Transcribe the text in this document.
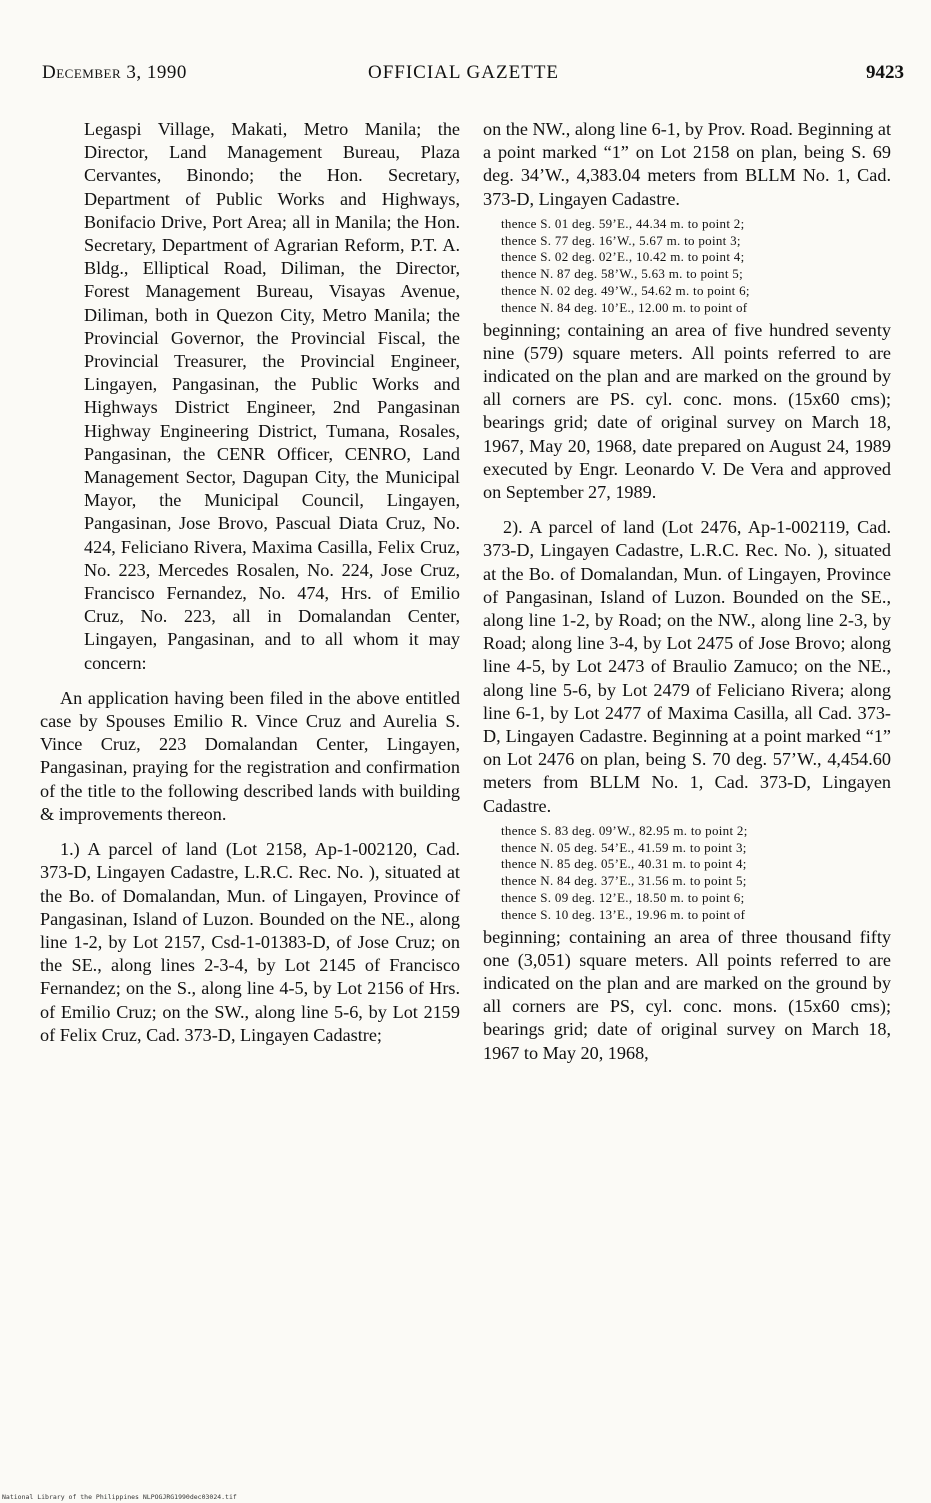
December 3, 1990	OFFICIAL GAZETTE	9423

Legaspi Village, Makati, Metro Manila; the Director, Land Management Bureau, Plaza Cervantes, Binondo; the Hon. Secretary, Department of Public Works and Highways, Bonifacio Drive, Port Area; all in Manila; the Hon. Secretary, Department of Agrarian Reform, P.T. A. Bldg., Elliptical Road, Diliman, the Director, Forest Management Bureau, Visayas Avenue, Diliman, both in Quezon City, Metro Manila; the Provincial Governor, the Provincial Fiscal, the Provincial Treasurer, the Provincial Engineer, Lingayen, Pangasinan, the Public Works and Highways District Engineer, 2nd Pangasinan Highway Engineering District, Tumana, Rosales, Pangasinan, the CENR Officer, CENRO, Land Management Sector, Dagupan City, the Municipal Mayor, the Municipal Council, Lingayen, Pangasinan, Jose Brovo, Pascual Diata Cruz, No. 424, Feliciano Rivera, Maxima Casilla, Felix Cruz, No. 223, Mercedes Rosalen, No. 224, Jose Cruz, Francisco Fernandez, No. 474, Hrs. of Emilio Cruz, No. 223, all in Domalandan Center, Lingayen, Pangasinan, and to all whom it may concern:

An application having been filed in the above entitled case by Spouses Emilio R. Vince Cruz and Aurelia S. Vince Cruz, 223 Domalandan Center, Lingayen, Pangasinan, praying for the registration and confirmation of the title to the following described lands with building & improvements thereon.

1.) A parcel of land (Lot 2158, Ap-1-002120, Cad. 373-D, Lingayen Cadastre, L.R.C. Rec. No. ), situated at the Bo. of Domalandan, Mun. of Lingayen, Province of Pangasinan, Island of Luzon. Bounded on the NE., along line 1-2, by Lot 2157, Csd-1-01383-D, of Jose Cruz; on the SE., along lines 2-3-4, by Lot 2145 of Francisco Fernandez; on the S., along line 4-5, by Lot 2156 of Hrs. of Emilio Cruz; on the SW., along line 5-6, by Lot 2159 of Felix Cruz, Cad. 373-D, Lingayen Cadastre;

on the NW., along line 6-1, by Prov. Road. Beginning at a point marked “1” on Lot 2158 on plan, being S. 69 deg. 34’W., 4,383.04 meters from BLLM No. 1, Cad. 373-D, Lingayen Cadastre.

thence S. 01 deg. 59’E., 44.34 m. to point 2;
thence S. 77 deg. 16’W., 5.67 m. to point 3;
thence S. 02 deg. 02’E., 10.42 m. to point 4;
thence N. 87 deg. 58’W., 5.63 m. to point 5;
thence N. 02 deg. 49’W., 54.62 m. to point 6;
thence N. 84 deg. 10’E., 12.00 m. to point of

beginning; containing an area of five hundred seventy nine (579) square meters. All points referred to are indicated on the plan and are marked on the ground by all corners are PS. cyl. conc. mons. (15x60 cms); bearings grid; date of original survey on March 18, 1967, May 20, 1968, date prepared on August 24, 1989 executed by Engr. Leonardo V. De Vera and approved on September 27, 1989.

2). A parcel of land (Lot 2476, Ap-1-002119, Cad. 373-D, Lingayen Cadastre, L.R.C. Rec. No. ), situated at the Bo. of Domalandan, Mun. of Lingayen, Province of Pangasinan, Island of Luzon. Bounded on the SE., along line 1-2, by Road; on the NW., along line 2-3, by Road; along line 3-4, by Lot 2475 of Jose Brovo; along line 4-5, by Lot 2473 of Braulio Zamuco; on the NE., along line 5-6, by Lot 2479 of Feliciano Rivera; along line 6-1, by Lot 2477 of Maxima Casilla, all Cad. 373-D, Lingayen Cadastre. Beginning at a point marked “1” on Lot 2476 on plan, being S. 70 deg. 57’W., 4,454.60 meters from BLLM No. 1, Cad. 373-D, Lingayen Cadastre.

thence S. 83 deg. 09’W., 82.95 m. to point 2;
thence N. 05 deg. 54’E., 41.59 m. to point 3;
thence N. 85 deg. 05’E., 40.31 m. to point 4;
thence N. 84 deg. 37’E., 31.56 m. to point 5;
thence S. 09 deg. 12’E., 18.50 m. to point 6;
thence S. 10 deg. 13’E., 19.96 m. to point of

beginning; containing an area of three thousand fifty one (3,051) square meters. All points referred to are indicated on the plan and are marked on the ground by all corners are PS, cyl. conc. mons. (15x60 cms); bearings grid; date of original survey on March 18, 1967 to May 20, 1968,

National Library of the Philippines NLPOGJRG1990dec03024.tif
